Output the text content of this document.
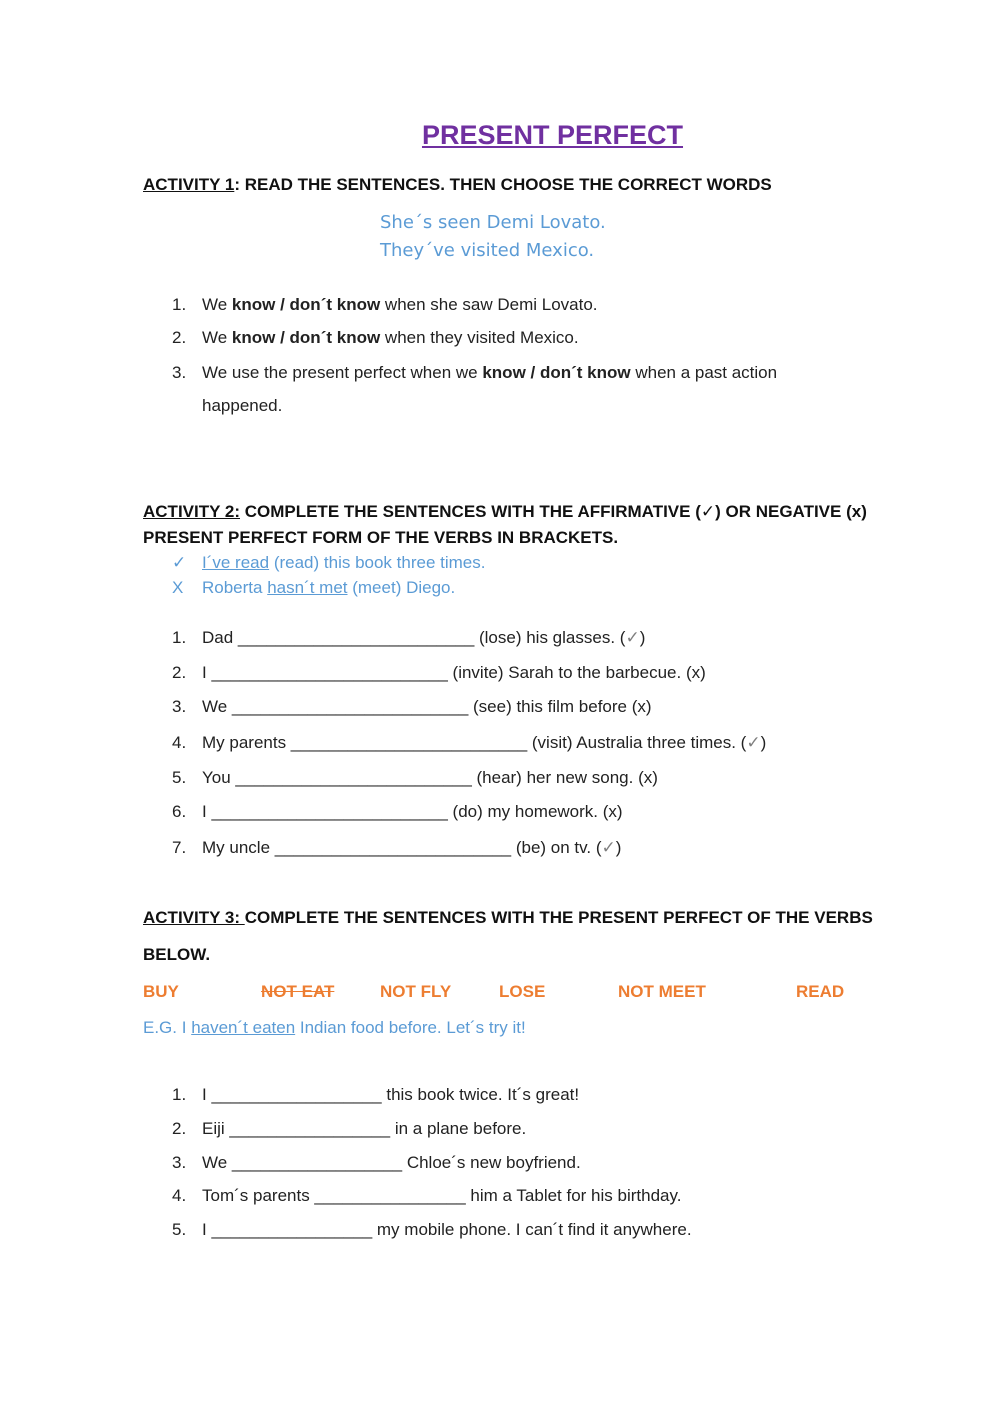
PRESENT PERFECT
ACTIVITY 1: READ THE SENTENCES. THEN CHOOSE THE CORRECT WORDS
She´s seen Demi Lovato.
They´ve visited Mexico.
1. We know / don´t know when she saw Demi Lovato.
2. We know / don´t know when they visited Mexico.
3. We use the present perfect when we know / don´t know when a past action
happened.
ACTIVITY 2: COMPLETE THE SENTENCES WITH THE AFFIRMATIVE (✓) OR NEGATIVE (x)
PRESENT PERFECT FORM OF THE VERBS IN BRACKETS.
✓ I´ve read (read) this book three times.
X Roberta hasn´t met (meet) Diego.
1. Dad _________________________ (lose) his glasses. (✓)
2. I _________________________ (invite) Sarah to the barbecue. (x)
3. We _________________________ (see) this film before (x)
4. My parents _________________________ (visit) Australia three times. (✓)
5. You _________________________ (hear) her new song. (x)
6. I _________________________ (do) my homework. (x)
7. My uncle _________________________ (be) on tv. (✓)
ACTIVITY 3: COMPLETE THE SENTENCES WITH THE PRESENT PERFECT OF THE VERBS
BELOW.
BUY	NOT EAT	NOT FLY	LOSE	NOT MEET	READ
E.G. I haven´t eaten Indian food before. Let´s try it!
1. I __________________ this book twice. It´s great!
2. Eiji _________________ in a plane before.
3. We __________________ Chloe´s new boyfriend.
4. Tom´s parents ________________ him a Tablet for his birthday.
5. I _________________ my mobile phone. I can´t find it anywhere.
